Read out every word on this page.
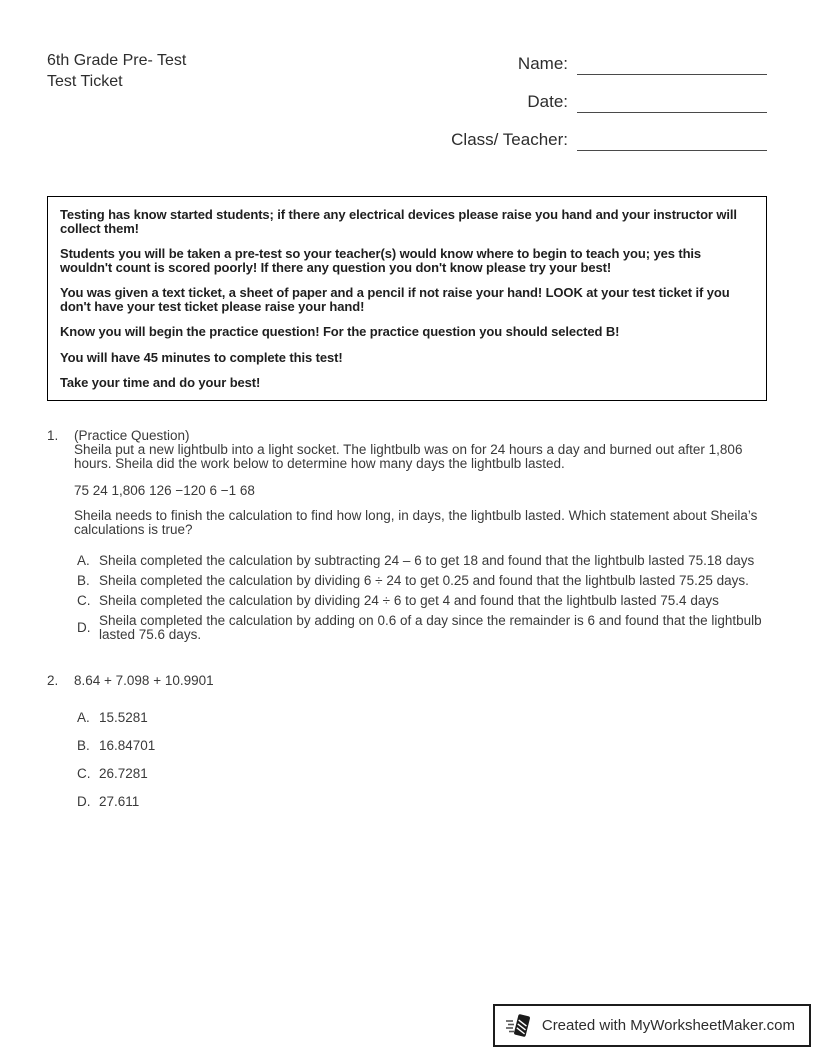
6th Grade Pre- Test
Test Ticket
Name:
Date:
Class/ Teacher:

Testing has know started students; if there any electrical devices please raise you hand and your instructor will collect them!

Students you will be taken a pre-test so your teacher(s) would know where to begin to teach you; yes this wouldn't count is scored poorly! If there any question you don't know please try your best!

You was given a text ticket, a sheet of paper and a pencil if not raise your hand! LOOK at your test ticket if you don't have your test ticket please raise your hand!

Know you will begin the practice question! For the practice question you should selected B!

You will have 45 minutes to complete this test!

Take your time and do your best!

1.	(Practice Question)

Sheila put a new lightbulb into a light socket. The lightbulb was on for 24 hours a day and burned out after 1,806 hours. Sheila did the work below to determine how many days the lightbulb lasted.

75 24 1,806 126 −120 6 −1 68

Sheila needs to finish the calculation to find how long, in days, the lightbulb lasted. Which statement about Sheila’s calculations is true?

A. Sheila completed the calculation by subtracting 24 – 6 to get 18 and found that the lightbulb lasted 75.18 days
B. Sheila completed the calculation by dividing 6 ÷ 24 to get 0.25 and found that the lightbulb lasted 75.25 days.
C. Sheila completed the calculation by dividing 24 ÷ 6 to get 4 and found that the lightbulb lasted 75.4 days
D. Sheila completed the calculation by adding on 0.6 of a day since the remainder is 6 and found that the lightbulb lasted 75.6 days.
2.	8.64 + 7.098 + 10.9901

A. 15.5281
B. 16.84701
C. 26.7281
D. 27.611
Created with MyWorksheetMaker.com
